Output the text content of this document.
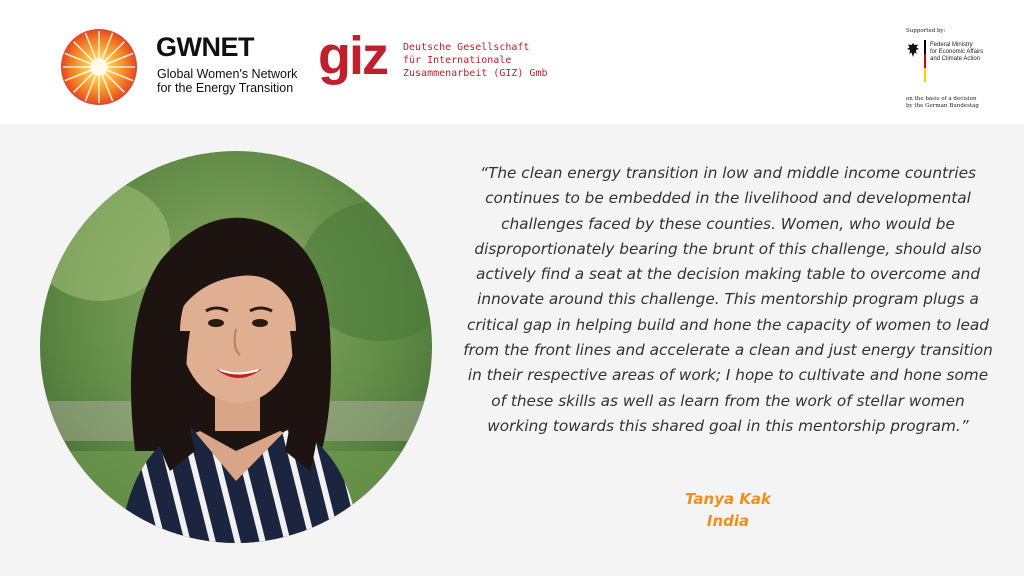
GWNET
Global Women's Network
for the Energy Transition
giz Deutsche Gesellschaft
für Internationale
Zusammenarbeit (GIZ) Gmb
Supported by:
Federal Ministry
for Economic Affairs
and Climate Action
on the basis of a decision
by the German Bundestag
“The clean energy transition in low and middle income countries continues to be embedded in the livelihood and developmental challenges faced by these counties. Women, who would be disproportionately bearing the brunt of this challenge, should also actively find a seat at the decision making table to overcome and innovate around this challenge. This mentorship program plugs a critical gap in helping build and hone the capacity of women to lead from the front lines and accelerate a clean and just energy transition in their respective areas of work; I hope to cultivate and hone some of these skills as well as learn from the work of stellar women working towards this shared goal in this mentorship program.”
Tanya Kak
India
